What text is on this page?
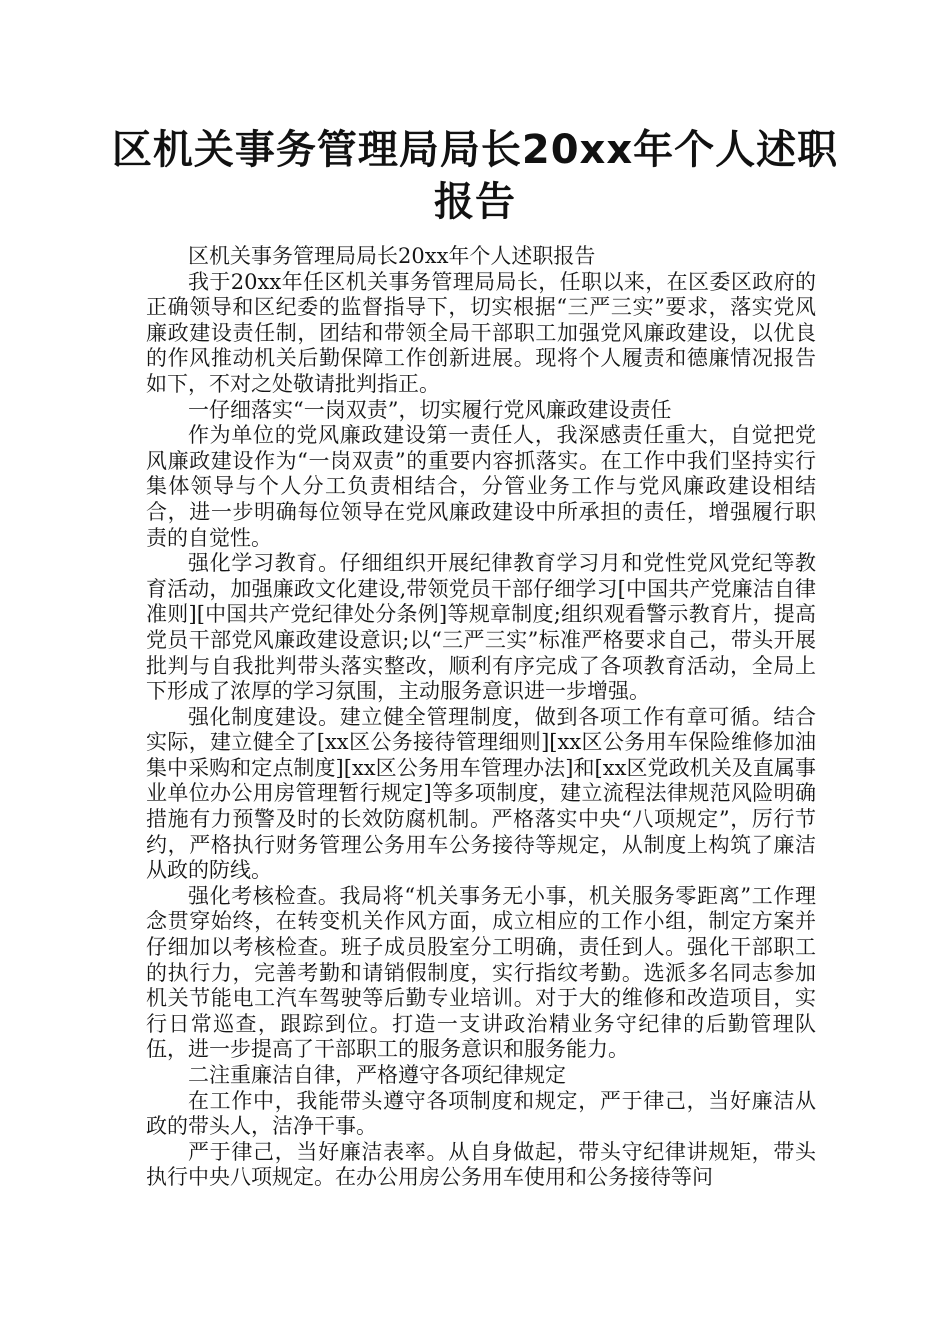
区机关事务管理局局长20xx年个人述职报告

区机关事务管理局局长20xx年个人述职报告

我于20xx年任区机关事务管理局局长，任职以来，在区委区政府的正确领导和区纪委的监督指导下，切实根据“三严三实”要求，落实党风廉政建设责任制，团结和带领全局干部职工加强党风廉政建设，以优良的作风推动机关后勤保障工作创新进展。现将个人履责和德廉情况报告如下，不对之处敬请批判指正。

一仔细落实“一岗双责”，切实履行党风廉政建设责任

作为单位的党风廉政建设第一责任人，我深感责任重大，自觉把党风廉政建设作为“一岗双责”的重要内容抓落实。在工作中我们坚持实行集体领导与个人分工负责相结合，分管业务工作与党风廉政建设相结合，进一步明确每位领导在党风廉政建设中所承担的责任，增强履行职责的自觉性。

强化学习教育。仔细组织开展纪律教育学习月和党性党风党纪等教育活动，加强廉政文化建设,带领党员干部仔细学习[中国共产党廉洁自律准则][中国共产党纪律处分条例]等规章制度;组织观看警示教育片，提高党员干部党风廉政建设意识;以“三严三实”标准严格要求自己，带头开展批判与自我批判带头落实整改，顺利有序完成了各项教育活动，全局上下形成了浓厚的学习氛围，主动服务意识进一步增强。

强化制度建设。建立健全管理制度，做到各项工作有章可循。结合实际，建立健全了[xx区公务接待管理细则][xx区公务用车保险维修加油集中采购和定点制度][xx区公务用车管理办法]和[xx区党政机关及直属事业单位办公用房管理暂行规定]等多项制度，建立流程法律规范风险明确措施有力预警及时的长效防腐机制。严格落实中央“八项规定”，厉行节约，严格执行财务管理公务用车公务接待等规定，从制度上构筑了廉洁从政的防线。

强化考核检查。我局将“机关事务无小事，机关服务零距离”工作理念贯穿始终，在转变机关作风方面，成立相应的工作小组，制定方案并仔细加以考核检查。班子成员股室分工明确，责任到人。强化干部职工的执行力，完善考勤和请销假制度，实行指纹考勤。选派多名同志参加机关节能电工汽车驾驶等后勤专业培训。对于大的维修和改造项目，实行日常巡查，跟踪到位。打造一支讲政治精业务守纪律的后勤管理队伍，进一步提高了干部职工的服务意识和服务能力。

二注重廉洁自律，严格遵守各项纪律规定

在工作中，我能带头遵守各项制度和规定，严于律己，当好廉洁从政的带头人，洁净干事。

严于律己，当好廉洁表率。从自身做起，带头守纪律讲规矩，带头执行中央八项规定。在办公用房公务用车使用和公务接待等问
